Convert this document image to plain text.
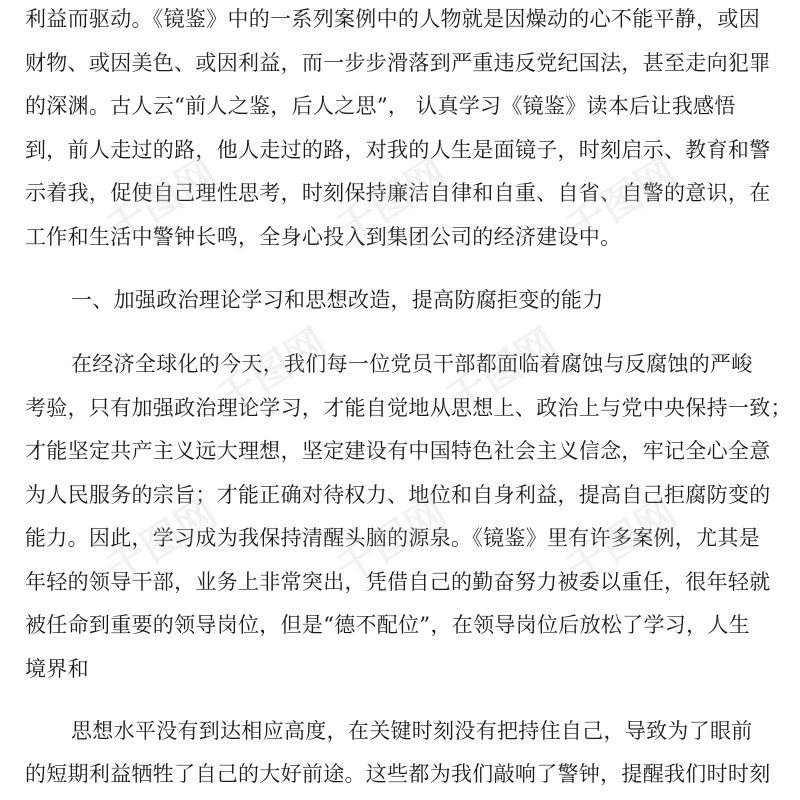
利益而驱动。《镜鉴》中的一系列案例中的人物就是因燥动的心不能平静，或因
财物、或因美色、或因利益，而一步步滑落到严重违反党纪国法，甚至走向犯罪
的深渊。古人云“前人之鉴，后人之思”， 认真学习《镜鉴》读本后让我感悟
到，前人走过的路，他人走过的路，对我的人生是面镜子，时刻启示、教育和警
示着我，促使自己理性思考，时刻保持廉洁自律和自重、自省、自警的意识，在
工作和生活中警钟长鸣，全身心投入到集团公司的经济建设中。
一、加强政治理论学习和思想改造，提高防腐拒变的能力
在经济全球化的今天，我们每一位党员干部都面临着腐蚀与反腐蚀的严峻
考验，只有加强政治理论学习，才能自觉地从思想上、政治上与党中央保持一致；
才能坚定共产主义远大理想，坚定建设有中国特色社会主义信念，牢记全心全意
为人民服务的宗旨；才能正确对待权力、地位和自身利益，提高自己拒腐防变的
能力。因此，学习成为我保持清醒头脑的源泉。《镜鉴》里有许多案例，尤其是
年轻的领导干部，业务上非常突出，凭借自己的勤奋努力被委以重任，很年轻就
被任命到重要的领导岗位，但是“德不配位”，在领导岗位后放松了学习，人生
境界和
思想水平没有到达相应高度，在关键时刻没有把持住自己，导致为了眼前
的短期利益牺牲了自己的大好前途。这些都为我们敲响了警钟，提醒我们时时刻
千图网	千图网	千图网
千图网	千图网
千图网	千图网	千图网
